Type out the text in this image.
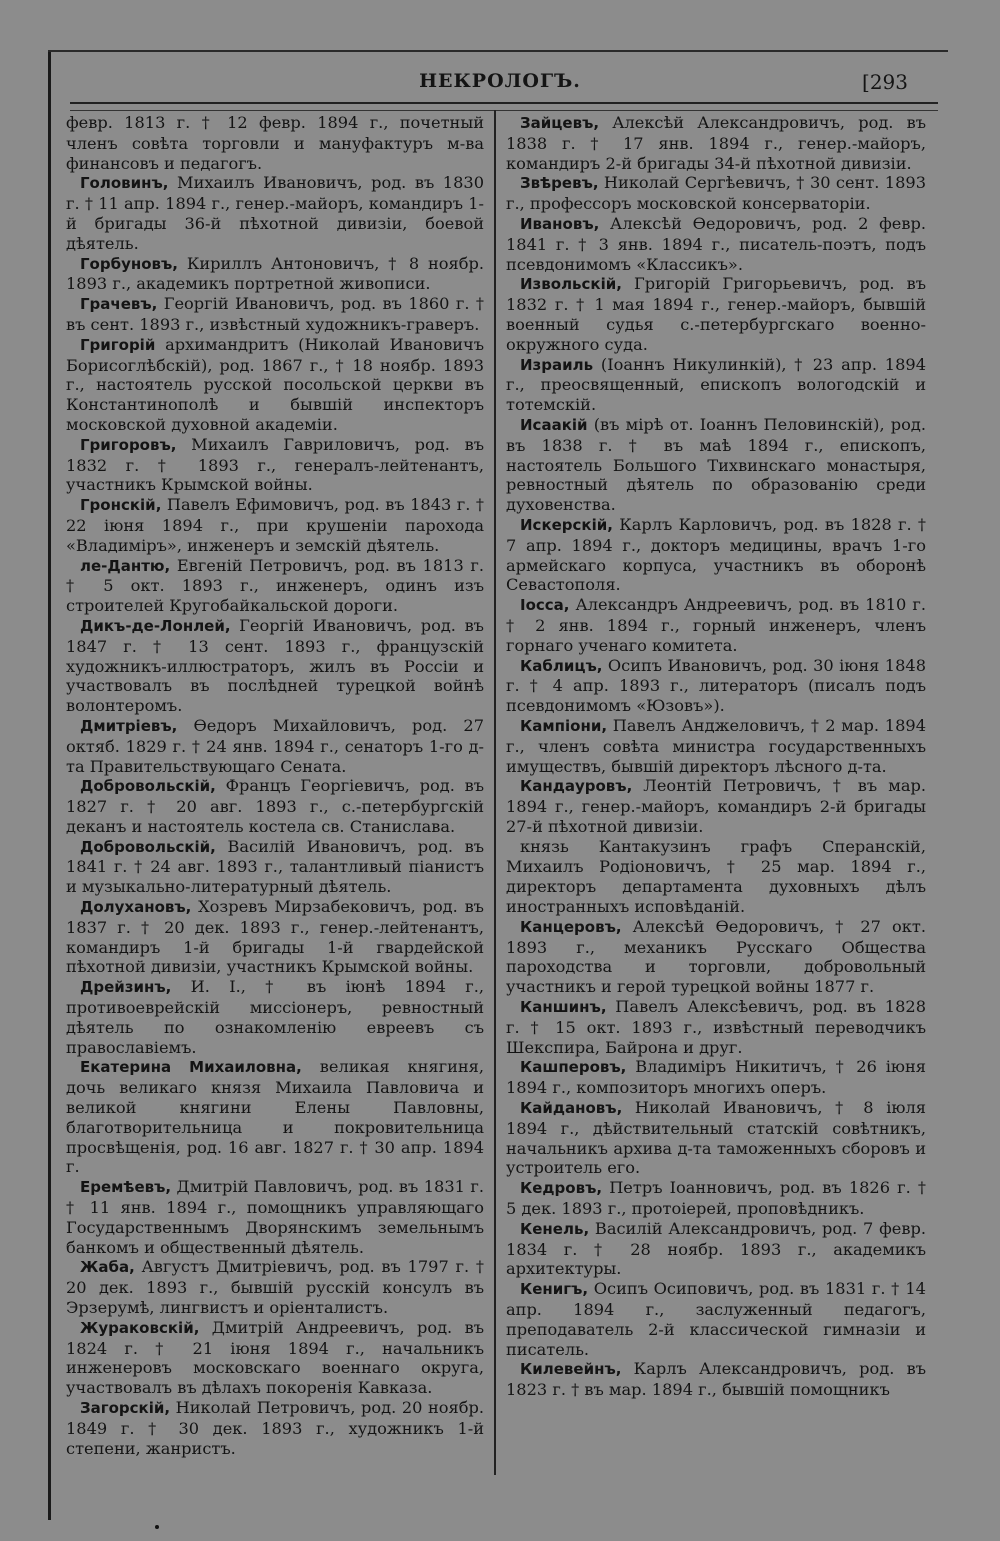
НЕКРОЛОГЪ.	[293

февр. 1813 г. † 12 февр. 1894 г., почетный членъ совѣта торговли и мануфактуръ м-ва финансовъ и педагогъ.

Головинъ, Михаилъ Ивановичъ, род. въ 1830 г. † 11 апр. 1894 г., генер.-майоръ, командиръ 1-й бригады 36-й пѣхотной дивизіи, боевой дѣятель.

Горбуновъ, Кириллъ Антоновичъ, † 8 ноябр. 1893 г., академикъ портретной живописи.

Грачевъ, Георгій Ивановичъ, род. въ 1860 г. † въ сент. 1893 г., извѣстный художникъ-граверъ.

Григорій архимандритъ (Николай Ивановичъ Борисоглѣбскій), род. 1867 г., † 18 ноябр. 1893 г., настоятель русской посольской церкви въ Константинополѣ и бывшій инспекторъ московской духовной академіи.

Григоровъ, Михаилъ Гавриловичъ, род. въ 1832 г. † 1893 г., генералъ-лейтенантъ, участникъ Крымской войны.

Гронскій, Павелъ Ефимовичъ, род. въ 1843 г. † 22 іюня 1894 г., при крушеніи парохода «Владиміръ», инженеръ и земскій дѣятель.

ле-Дантю, Евгеній Петровичъ, род. въ 1813 г. † 5 окт. 1893 г., инженеръ, одинъ изъ строителей Кругобайкальской дороги.

Дикъ-де-Лонлей, Георгій Ивановичъ, род. въ 1847 г. † 13 сент. 1893 г., французскій художникъ-иллюстраторъ, жилъ въ Россіи и участвовалъ въ послѣдней турецкой войнѣ волонтеромъ.

Дмитріевъ, Өедоръ Михайловичъ, род. 27 октяб. 1829 г. † 24 янв. 1894 г., сенаторъ 1-го д-та Правительствующаго Сената.

Добровольскій, Францъ Георгіевичъ, род. въ 1827 г. † 20 авг. 1893 г., с.-петербургскій деканъ и настоятель костела св. Станислава.

Добровольскій, Василій Ивановичъ, род. въ 1841 г. † 24 авг. 1893 г., талантливый піанистъ и музыкально-литературный дѣятель.

Долухановъ, Хозревъ Мирзабековичъ, род. въ 1837 г. † 20 дек. 1893 г., генер.-лейтенантъ, командиръ 1-й бригады 1-й гвардейской пѣхотной дивизіи, участникъ Крымской войны.

Дрейзинъ, И. I., † въ іюнѣ 1894 г., противоеврейскій миссіонеръ, ревностный дѣятель по ознакомленію евреевъ съ православіемъ.

Екатерина Михаиловна, великая княгиня, дочь великаго князя Михаила Павловича и великой княгини Елены Павловны, благотворительница и покровительница просвѣщенія, род. 16 авг. 1827 г. † 30 апр. 1894 г.

Еремѣевъ, Дмитрій Павловичъ, род. въ 1831 г. † 11 янв. 1894 г., помощникъ управляющаго Государственнымъ Дворянскимъ земельнымъ банкомъ и общественный дѣятель.

Жаба, Августъ Дмитріевичъ, род. въ 1797 г. † 20 дек. 1893 г., бывшій русскій консулъ въ Эрзерумѣ, лингвистъ и оріенталистъ.

Жураковскій, Дмитрій Андреевичъ, род. въ 1824 г. † 21 іюня 1894 г., начальникъ инженеровъ московскаго военнаго округа, участвовалъ въ дѣлахъ покоренія Кавказа.

Загорскій, Николай Петровичъ, род. 20 ноябр. 1849 г. † 30 дек. 1893 г., художникъ 1-й степени, жанристъ.

Зайцевъ, Алексѣй Александровичъ, род. въ 1838 г. † 17 янв. 1894 г., генер.-майоръ, командиръ 2-й бригады 34-й пѣхотной дивизіи.

Звѣревъ, Николай Сергѣевичъ, † 30 сент. 1893 г., профессоръ московской консерваторіи.

Ивановъ, Алексѣй Өедоровичъ, род. 2 февр. 1841 г. † 3 янв. 1894 г., писатель-поэтъ, подъ псевдонимомъ «Классикъ».

Извольскій, Григорій Григорьевичъ, род. въ 1832 г. † 1 мая 1894 г., генер.-майоръ, бывшій военный судья с.-петербургскаго военно-окружного суда.

Израиль (Іоаннъ Никулинкій), † 23 апр. 1894 г., преосвященный, епископъ вологодскій и тотемскій.

Исаакій (въ мірѣ от. Іоаннъ Пеловинскій), род. въ 1838 г. † въ маѣ 1894 г., епископъ, настоятель Большого Тихвинскаго монастыря, ревностный дѣятель по образованію среди духовенства.

Искерскій, Карлъ Карловичъ, род. въ 1828 г. † 7 апр. 1894 г., докторъ медицины, врачъ 1-го армейскаго корпуса, участникъ въ оборонѣ Севастополя.

Іосса, Александръ Андреевичъ, род. въ 1810 г. † 2 янв. 1894 г., горный инженеръ, членъ горнаго ученаго комитета.

Каблицъ, Осипъ Ивановичъ, род. 30 іюня 1848 г. † 4 апр. 1893 г., литераторъ (писалъ подъ псевдонимомъ «Юзовъ»).

Кампіони, Павелъ Анджеловичъ, † 2 мар. 1894 г., членъ совѣта министра государственныхъ имуществъ, бывшій директоръ лѣсного д-та.

Кандауровъ, Леонтій Петровичъ, † въ мар. 1894 г., генер.-майоръ, командиръ 2-й бригады 27-й пѣхотной дивизіи.

князь Кантакузинъ графъ Сперанскій, Михаилъ Родіоновичъ, † 25 мар. 1894 г., директоръ департамента духовныхъ дѣлъ иностранныхъ исповѣданій.

Канцеровъ, Алексѣй Өедоровичъ, † 27 окт. 1893 г., механикъ Русскаго Общества пароходства и торговли, добровольный участникъ и герой турецкой войны 1877 г.

Каншинъ, Павелъ Алексѣевичъ, род. въ 1828 г. † 15 окт. 1893 г., извѣстный переводчикъ Шекспира, Байрона и друг.

Кашперовъ, Владиміръ Никитичъ, † 26 іюня 1894 г., композиторъ многихъ оперъ.

Кайдановъ, Николай Ивановичъ, † 8 іюля 1894 г., дѣйствительный статскій совѣтникъ, начальникъ архива д-та таможенныхъ сборовъ и устроитель его.

Кедровъ, Петръ Іоанновичъ, род. въ 1826 г. † 5 дек. 1893 г., протоіерей, проповѣдникъ.

Кенель, Василій Александровичъ, род. 7 февр. 1834 г. † 28 ноябр. 1893 г., академикъ архитектуры.

Кенигъ, Осипъ Осиповичъ, род. въ 1831 г. † 14 апр. 1894 г., заслуженный педагогъ, преподаватель 2-й классической гимназіи и писатель.

Килевейнъ, Карлъ Александровичъ, род. въ 1823 г. † въ мар. 1894 г., бывшій помощникъ
